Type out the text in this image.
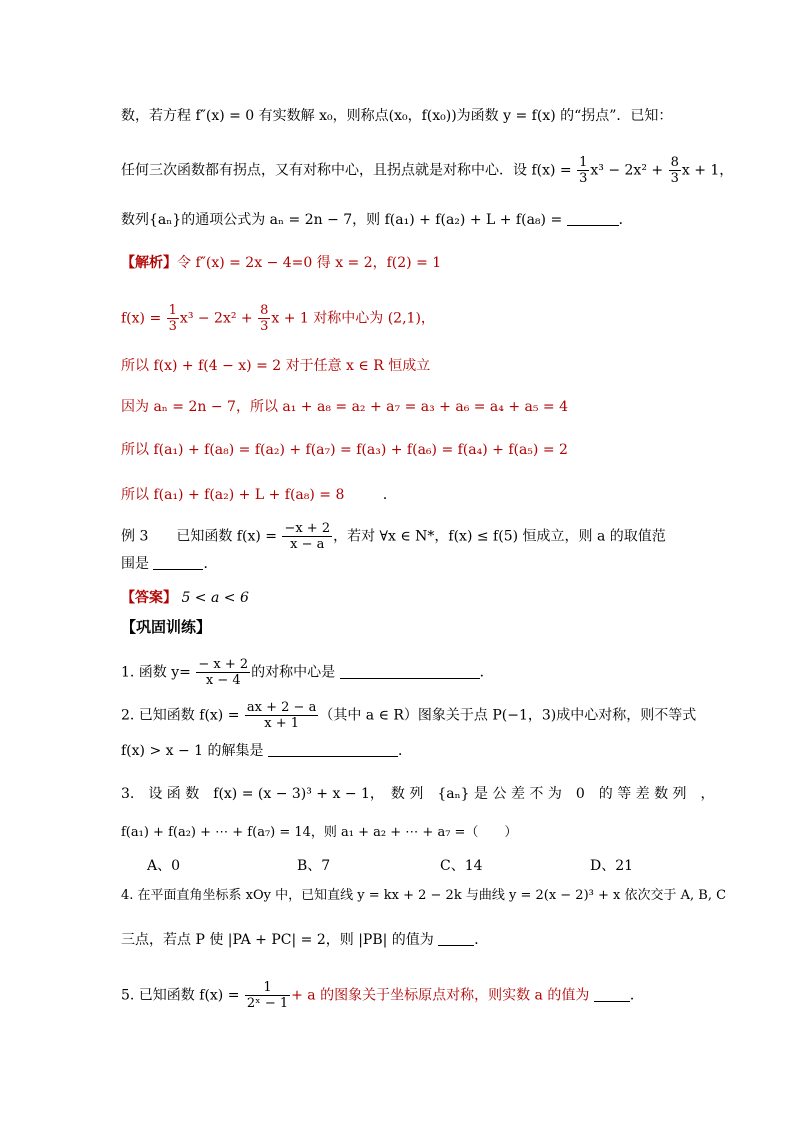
数，若方程 f″(x) = 0 有实数解 x₀，则称点(x₀，f(x₀))为函数 y = f(x) 的“拐点”．已知：
任何三次函数都有拐点，又有对称中心，且拐点就是对称中心．设 $f(x) = \frac{1}{3} x^3 - 2x^2 + \frac{8}{3}$ x + 1，
数列{aₙ}的通项公式为 aₙ = 2n − 7，则 f(a₁) + f(a₂) + L + f(a₈) =	．
【解析】令 f″(x) = 2x − 4=0 得 x = 2，f(2) = 1
$f(x) = \frac{1}{3} x^3 - 2x^2 + \frac{8}{3}$ x + 1 对称中心为 (2,1)，
所以 f(x) + f(4 − x) = 2 对于任意 x ∈ R 恒成立
因为 aₙ = 2n − 7，所以 a₁ + a₈ = a₂ + a₇ = a₃ + a₆ = a₄ + a₅ = 4
所以 f(a₁) + f(a₈) = f(a₂) + f(a₇) = f(a₃) + f(a₆) = f(a₄) + f(a₅) = 2
所以 f(a₁) + f(a₂) + L + f(a₈) = 8	．
例 3　　已知函数 $f(x) = \frac{-x + 2}{x - a}$ ，若对 ∀x ∈ N*，f(x) ≤ f(5) 恒成立，则 a 的取值范
围是	．
【答案】 5 < a < 6
【巩固训练】
1. 函数 $y= \frac{- x + 2}{x - 4}$ 的对称中心是	．
2. 已知函数 $f(x) = \frac{ax + 2 - a}{x + 1}$ （其中 a ∈ R）图象关于点 P(−1，3)成中心对称，则不等式
f(x) > x − 1 的解集是	．
3.　设 函 数　f(x) = (x − 3)³ + x − 1，　数 列　{aₙ} 是 公 差 不 为　0　的 等 差 数 列　，
f(a₁) + f(a₂) + ⋯ + f(a₇) = 14，则 a₁ + a₂ + ⋯ + a₇ =（　　）
A、0	B、7	C、14	D、21
4. 在平面直角坐标系 xOy 中，已知直线 y = kx + 2 − 2k 与曲线 y = 2(x − 2)³ + x 依次交于 A, B, C
三点，若点 P 使 |PA + PC| = 2，则 |PB| 的值为	．
5. 已知函数 $f(x) = \frac{1}{\text{2ˣ − 1}} + a$ 的图象关于坐标原点对称，则实数 a 的值为	．
